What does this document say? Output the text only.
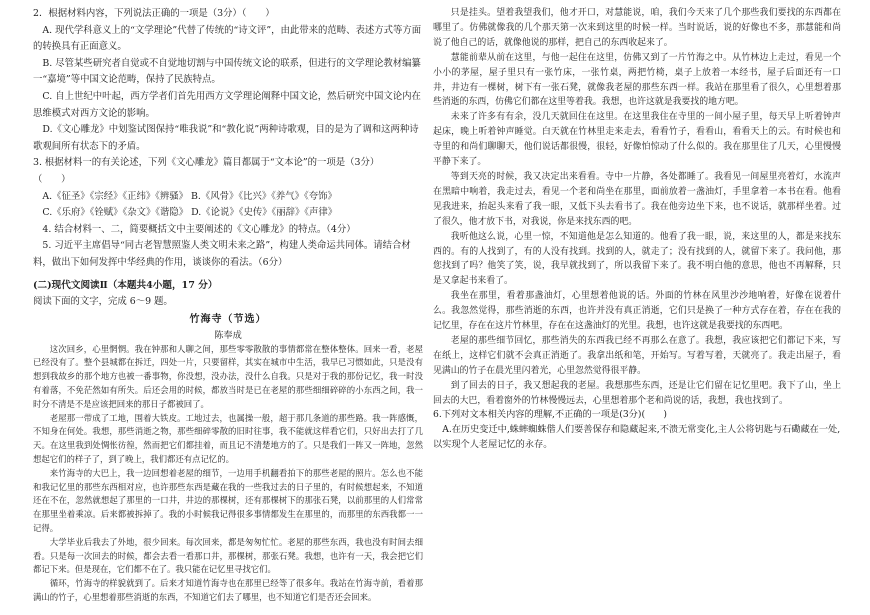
2．根据材料内容，下列说法正确的一项是（3分）（　　）

A. 现代学科意义上的“文学理论”代替了传统的“诗文评”，由此带来的范畴、表述方式等方面的转换具有正面意义。

B. 尽管某些研究者自觉或不自觉地切割与中国传统文论的联系，但进行的文学理论教材编纂一“嘉境”等中国文论范畴，保持了民族特点。

C. 自上世纪中叶起，西方学者们首先用西方文学理论阐释中国文论，然后研究中国文论内在思维模式对西方文论的影响。

D.《文心雕龙》中划鉴试图保持“唯我说”和“教化说”两种诗歌观，目的是为了调和这两种诗歌观间所有状态下的矛盾。

3. 根据材料一的有关论述，下列《文心雕龙》篇目都属于“文本论”的一项是（3分）

（　　）

A.《征圣》《宗经》《正纬》《辨骚》 B.《风骨》《比兴》《养气》《夸饰》

C.《乐府》《铨赋》《杂文》《谐隐》 D.《论说》《史传》《丽辞》《声律》

4. 结合材料一、二，简要概括文中主要阐述的《文心雕龙》的特点。（4分）

5. 习近平主席倡导“同古老智慧照鉴人类文明未来之路”，构建人类命运共同体。请结合材料，做出下如何发挥中华经典的作用，谈谈你的看法。（6分）

(二)现代文阅读Ⅱ（本题共4小题，17 分）

阅读下面的文字，完成 6～9 题。

竹海寺（节选）

陈奉成

这次回乡，心里惘惘。我在钟那和人聊之间，那些零零散散的事情都常在整体整体。回来一看，老屋已经没有了。整个县城都在拆迁，四处一片，只要留样，其实在城市中生活，我早已习惯如此，只是没有想到我故乡的那个地方也被一番事物，你没想，没办法，没什么自我。只是对于我的那份记忆，我一时没有着落，不免茫然如有所失。后还会用的时候，都放当时是已在老屋的那些细细碎碎的小东西之间，我一时分不清是不是应该把回来的那日子都被回了。

老屋那一带成了工地，围着大铁皮。工地过去，也属操一般，超于那几条道的那些路。我一阵感慨，不知身在何处。我想，那些消逝之物，那些细碎零散的旧时往事，我不能就这样看它们，只好出去打了几天。在这里我到处惆怅彷徨，然而把它们都挂着，而且记不清楚地方的了。只是我们一阵又一阵地，忽然想起它们的样子了，到了晚上，我们都还有点记忆的。

来竹海寺的大巴上，我一边回想着老屋的细节，一边用手机翻看拍下的那些老屋的照片。怎么也不能和我记忆里的那些东西相对应，也许那些东西是藏在我的一些我过去的日子里的，有时候想起来，不知道还在不在，忽然就想起了那里的一口井，井边的那棵树，还有那棵树下的那张石凳，以前那里的人们常常在那里坐着乘凉。后来都被拆掉了。我的小时候我记得很多事情都发生在那里的，而那里的东西我都一一记得。

大学毕业后我去了外地，很少回来。每次回来，都是匆匆忙忙。老屋的那些东西，我也没有时间去细看。只是每一次回去的时候，都会去看一看那口井，那棵树，那张石凳。我想，也许有一天，我会把它们都记下来。但是现在，它们都不在了。我只能在记忆里寻找它们。

循环，竹海寺的样貌就到了。后来才知道竹海寺也在那里已经等了很多年。我站在竹海寺前，看着那满山的竹子，心里想着那些消逝的东西，不知道它们去了哪里，也不知道它们是否还会回来。

只是挂头。望着我望我们，他才开口，对慧能说，咱，我们今天来了几个那些我们要找的东西都在哪里了。仿佛就像我的几个那天第一次来到这里的时候一样。当时说话，说的好像也不多，那慧能和尚说了他自己的话，就像他说的那样，把自己的东西收起来了。

慧能前辈从前在这里，与他一起住在这里，仿佛又到了一片竹海之中。从竹林边上走过，看见一个小小的茅屋，屋子里只有一张竹床，一张竹桌，两把竹椅，桌子上放着一本经书，屋子后面还有一口井，井边有一棵树，树下有一张石凳，就像我老屋的那些东西一样。我站在那里看了很久，心里想着那些消逝的东西，仿佛它们都在这里等着我。我想，也许这就是我要找的地方吧。

未来了许多有有余，没几天就回住在这里。在这里我住在寺里的一间小屋子里，每天早上听着钟声起床，晚上听着钟声睡觉。白天就在竹林里走来走去，看看竹子，看看山，看看天上的云。有时候也和寺里的和尚们聊聊天，他们说话都很慢，很轻，好像怕惊动了什么似的。我在那里住了几天，心里慢慢平静下来了。

等到天亮的时候，我又决定出来看看。寺中一片静，各处都睡了。我看见一间屋里亮着灯，水流声在黑暗中响着，我走过去，看见一个老和尚坐在那里，面前放着一盏油灯，手里拿着一本书在看。他看见我进来，抬起头来看了我一眼，又低下头去看书了。我在他旁边坐下来，也不说话，就那样坐着。过了很久，他才放下书，对我说，你是来找东西的吧。

我听他这么说，心里一惊，不知道他是怎么知道的。他看了我一眼，说，来这里的人，都是来找东西的。有的人找到了，有的人没有找到。找到的人，就走了；没有找到的人，就留下来了。我问他，那您找到了吗？他笑了笑，说，我早就找到了，所以我留下来了。我不明白他的意思，他也不再解释，只是又拿起书来看了。

我坐在那里，看着那盏油灯，心里想着他说的话。外面的竹林在风里沙沙地响着，好像在说着什么。我忽然觉得，那些消逝的东西，也许并没有真正消逝，它们只是换了一种方式存在着，存在在我的记忆里，存在在这片竹林里，存在在这盏油灯的光里。我想，也许这就是我要找的东西吧。

老屋的那些细节回忆，那些消失的东西我已经不再那么在意了。我想，我应该把它们都记下来，写在纸上，这样它们就不会真正消逝了。我拿出纸和笔，开始写。写着写着，天就亮了。我走出屋子，看见满山的竹子在晨光里闪着光，心里忽然觉得很平静。

到了回去的日子，我又想起我的老屋。我想那些东西，还是让它们留在记忆里吧。我下了山，坐上回去的大巴，看着窗外的竹林慢慢远去，心里想着那个老和尚说的话，我想，我也找到了。

6.下列对文本相关内容的理解,不正确的一项是(3分)(　　)

A.在历史变迁中,蛛蟀蜘蛛偕人们要善保存和隐藏起来,不溃无常变化,主人公将钥匙与石磡藏在一处,以实现个人老屋记忆的永存。
